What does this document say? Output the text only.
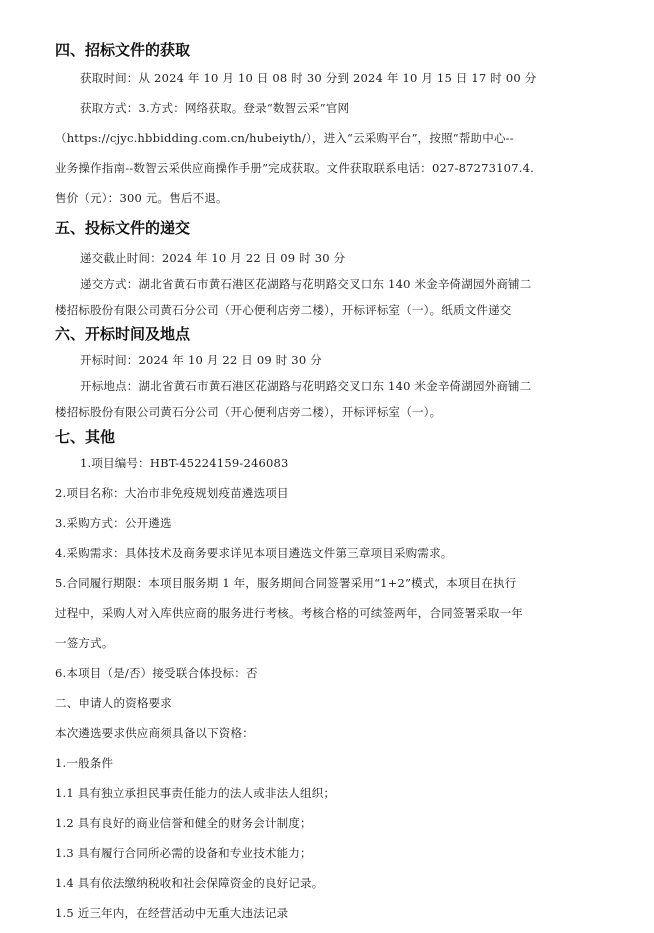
四、招标文件的获取
获取时间：从 2024 年 10 月 10 日 08 时 30 分到 2024 年 10 月 15 日 17 时 00 分
获取方式：3.方式：网络获取。登录“数智云采”官网
（https://cjyc.hbbidding.com.cn/hubeiyth/），进入“云采购平台”，按照“帮助中心--
业务操作指南--数智云采供应商操作手册”完成获取。文件获取联系电话：027-87273107.4.
售价（元）：300 元。售后不退。
五、投标文件的递交
递交截止时间：2024 年 10 月 22 日 09 时 30 分
递交方式：湖北省黄石市黄石港区花湖路与花明路交叉口东 140 米金辛倚湖园外商铺二
楼招标股份有限公司黄石分公司（开心便利店旁二楼），开标评标室（一）。纸质文件递交
六、开标时间及地点
开标时间：2024 年 10 月 22 日 09 时 30 分
开标地点：湖北省黄石市黄石港区花湖路与花明路交叉口东 140 米金辛倚湖园外商铺二
楼招标股份有限公司黄石分公司（开心便利店旁二楼），开标评标室（一）。
七、其他
1.项目编号：HBT-45224159-246083
2.项目名称：大冶市非免疫规划疫苗遴选项目
3.采购方式：公开遴选
4.采购需求：具体技术及商务要求详见本项目遴选文件第三章项目采购需求。
5.合同履行期限：本项目服务期 1 年，服务期间合同签署采用“1+2”模式，本项目在执行
过程中，采购人对入库供应商的服务进行考核。考核合格的可续签两年，合同签署采取一年
一签方式。
6.本项目（是/否）接受联合体投标：否
二、申请人的资格要求
本次遴选要求供应商须具备以下资格：
1.一般条件
1.1 具有独立承担民事责任能力的法人或非法人组织；
1.2 具有良好的商业信誉和健全的财务会计制度；
1.3 具有履行合同所必需的设备和专业技术能力；
1.4 具有依法缴纳税收和社会保障资金的良好记录。
1.5 近三年内，在经营活动中无重大违法记录
